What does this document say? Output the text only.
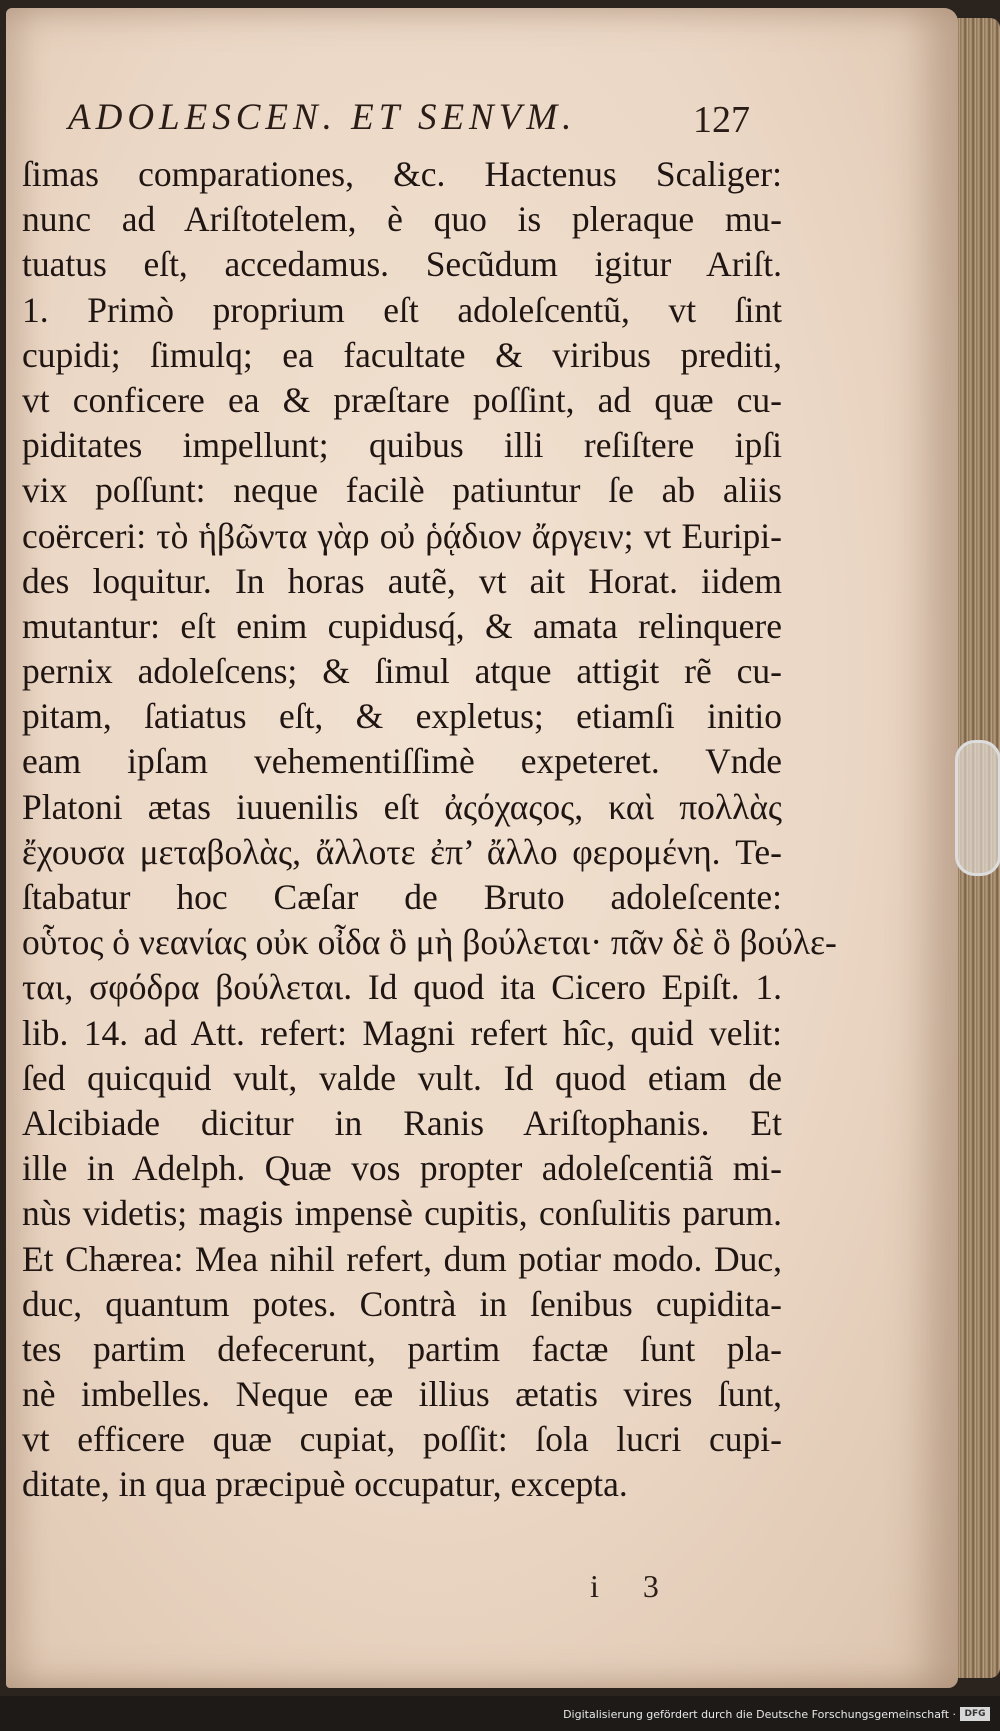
ADOLESCEN. ET SENVM.	127
ſimas comparationes, &c. Hactenus Scaliger:
nunc ad Ariſtotelem, è quo is pleraque mu-
tuatus eſt, accedamus. Secũdum igitur Ariſt.
1. Primò proprium eſt adoleſcentũ, vt ſint
cupidi; ſimulq; ea facultate & viribus prediti,
vt conficere ea & præſtare poſſint, ad quæ cu-
piditates impellunt; quibus illi reſiſtere ipſi
vix poſſunt: neque facilè patiuntur ſe ab aliis
coërceri: τὸ ἡβῶντα γὰρ οὐ ῥᾴδιον ἄργειν; vt Euripi-
des loquitur. In horas autẽ, vt ait Horat. iidem
mutantur: eſt enim cupidusq́, & amata relinquere
pernix adoleſcens; & ſimul atque attigit rẽ cu-
pitam, ſatiatus eſt, & expletus; etiamſi initio
eam ipſam vehementiſſimè expeteret. Vnde
Platoni ætas iuuenilis eſt ἀςόχαςος, καὶ πολλὰς
ἔχουσα μεταβολὰς, ἄλλοτε ἐπ’ ἄλλο φερομένη. Te-
ſtabatur hoc Cæſar de Bruto adoleſcente:
οὗτος ὁ νεανίας οὐκ οἶδα ὃ μὴ βούλεται· πᾶν δὲ ὃ βούλε-
ται, σφόδρα βούλεται. Id quod ita Cicero Epiſt. 1.
lib. 14. ad Att. refert: Magni refert hîc, quid velit:
ſed quicquid vult, valde vult. Id quod etiam de
Alcibiade dicitur in Ranis Ariſtophanis. Et
ille in Adelph. Quæ vos propter adoleſcentiã mi-
nùs videtis; magis impensè cupitis, conſulitis parum.
Et Chærea: Mea nihil refert, dum potiar modo. Duc,
duc, quantum potes. Contrà in ſenibus cupidita-
tes partim defecerunt, partim factæ ſunt pla-
nè imbelles. Neque eæ illius ætatis vires ſunt,
vt efficere quæ cupiat, poſſit: ſola lucri cupi-
ditate, in qua præcipuè occupatur, excepta.
i 3
Digitalisierung gefördert durch die Deutsche Forschungsgemeinschaft · DFG
